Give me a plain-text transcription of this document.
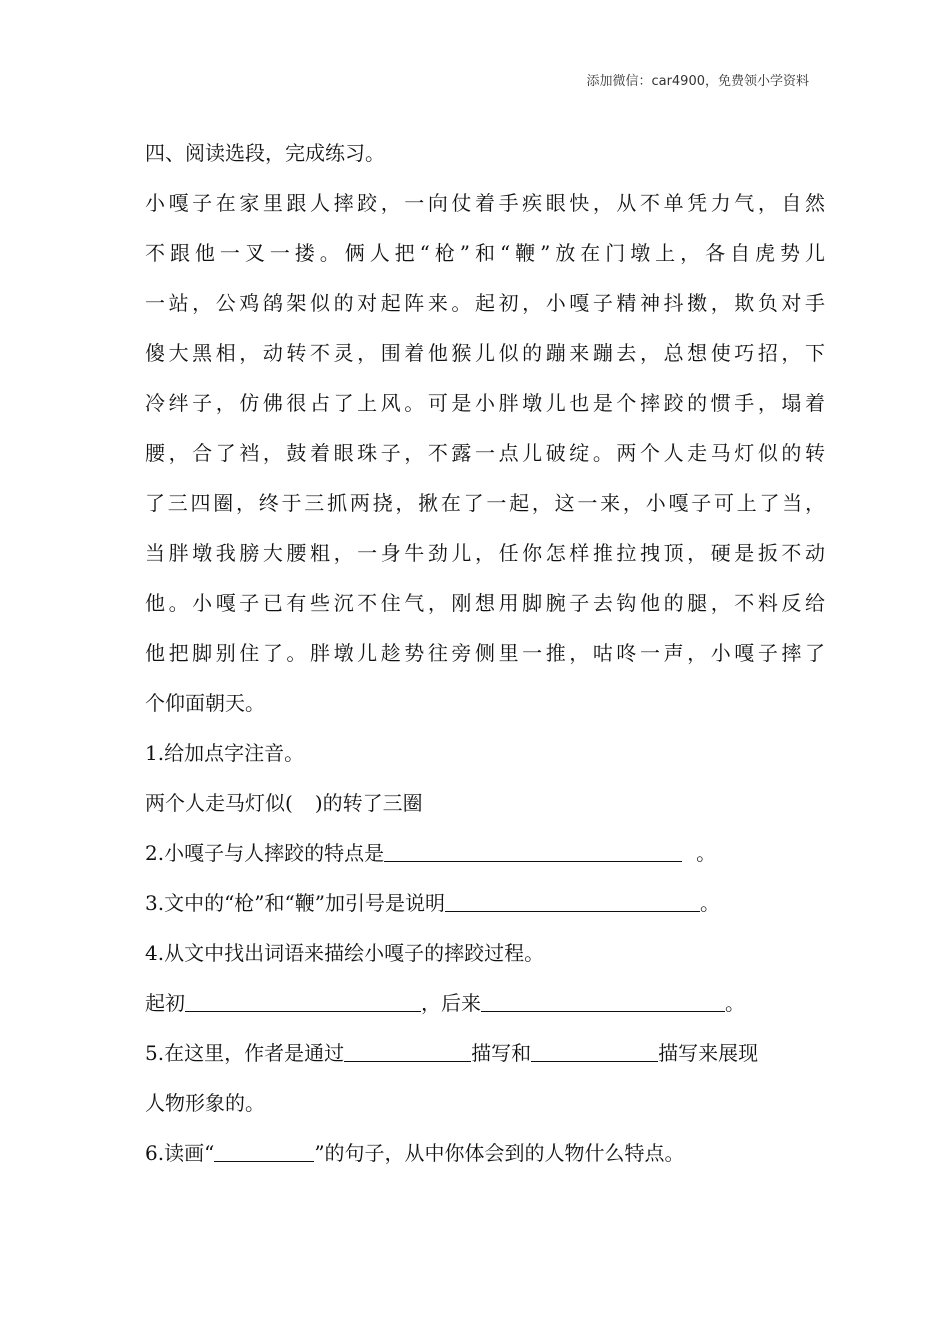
添加微信：car4900，免费领小学资料
四、阅读选段，完成练习。
小嘎子在家里跟人摔跤，一向仗着手疾眼快，从不单凭力气，自然
不跟他一叉一搂。俩人把“枪”和“鞭”放在门墩上，各自虎势儿
一站，公鸡鹐架似的对起阵来。起初，小嘎子精神抖擞，欺负对手
傻大黑相，动转不灵，围着他猴儿似的蹦来蹦去，总想使巧招，下
冷绊子，仿佛很占了上风。可是小胖墩儿也是个摔跤的惯手，塌着
腰，合了裆，鼓着眼珠子，不露一点儿破绽。两个人走马灯似的转
了三四圈，终于三抓两挠，揪在了一起，这一来，小嘎子可上了当，
当胖墩我膀大腰粗，一身牛劲儿，任你怎样推拉拽顶，硬是扳不动
他。小嘎子已有些沉不住气，刚想用脚腕子去钩他的腿，不料反给
他把脚别住了。胖墩儿趁势往旁侧里一推，咕咚一声，小嘎子摔了
个仰面朝天。
1.给加点字注音。
两个人走马灯似( )的转了三圈
2.小嘎子与人摔跤的特点是	。
3.文中的“枪”和“鞭”加引号是说明	。
4.从文中找出词语来描绘小嘎子的摔跤过程。
起初	，后来	。
5.在这里，作者是通过	描写和	描写来展现
人物形象的。
6.读画“	”的句子，从中你体会到的人物什么特点。
